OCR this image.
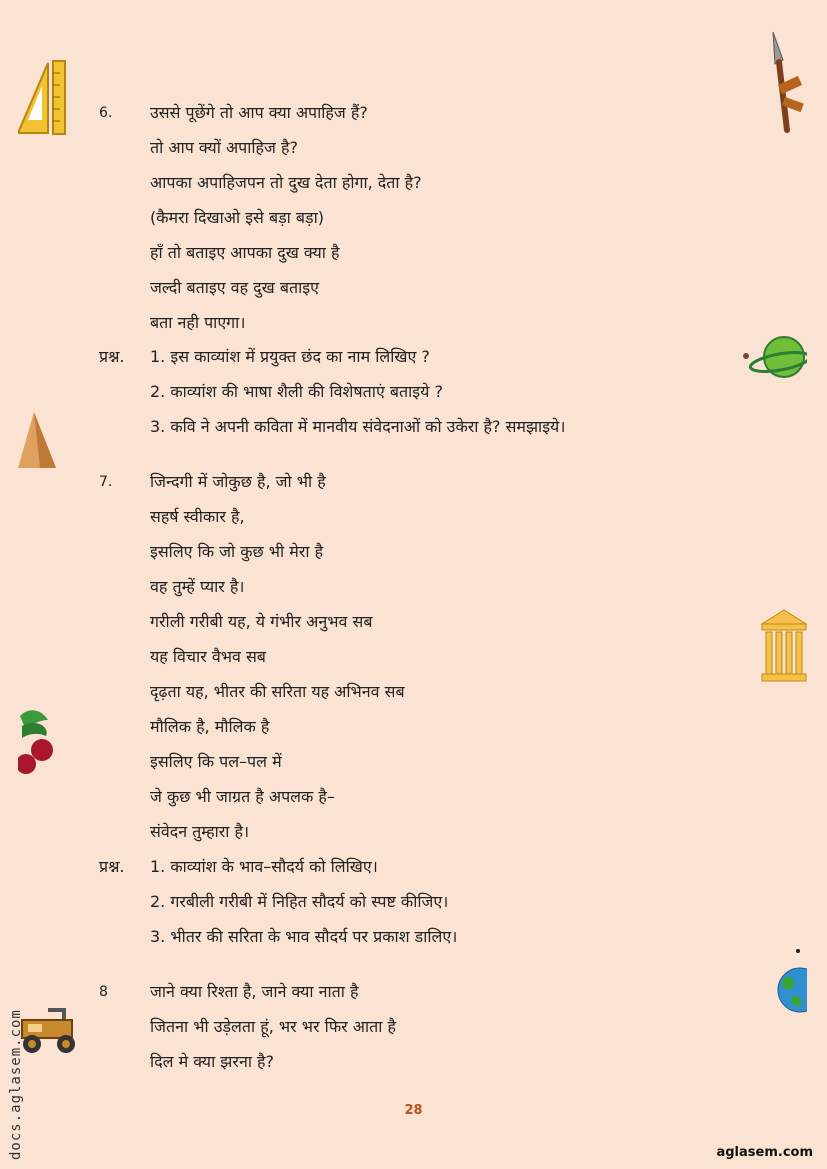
docs.aglasem.com
6. उससे पूछेंगे तो आप क्या अपाहिज हैं?
तो आप क्यों अपाहिज है?
आपका अपाहिजपन तो दुख देता होगा, देता है?
(कैमरा दिखाओ इसे बड़ा बड़ा)
हाँ तो बताइए आपका दुख क्या है
जल्दी बताइए वह दुख बताइए
बता नही पाएगा।
प्रश्न. 1. इस काव्यांश में प्रयुक्त छंद का नाम लिखिए ?
2. काव्यांश की भाषा शैली की विशेषताएं बताइये ?
3. कवि ने अपनी कविता में मानवीय संवेदनाओं को उकेरा है? समझाइये।
7. जिन्दगी में जोकुछ है, जो भी है
सहर्ष स्वीकार है,
इसलिए कि जो कुछ भी मेरा है
वह तुम्हें प्यार है।
गरीली गरीबी यह, ये गंभीर अनुभव सब
यह विचार वैभव सब
दृढ़ता यह, भीतर की सरिता यह अभिनव सब
मौलिक है, मौलिक है
इसलिए कि पल–पल में
जे कुछ भी जाग्रत है अपलक है–
संवेदन तुम्हारा है।
प्रश्न. 1. काव्यांश के भाव–सौदर्य को लिखिए।
2. गरबीली गरीबी में निहित सौदर्य को स्पष्ट कीजिए।
3. भीतर की सरिता के भाव सौदर्य पर प्रकाश डालिए।
8	जाने क्या रिश्ता है, जाने क्या नाता है
जितना भी उड़ेलता हूं, भर भर फिर आता है
दिल मे क्या झरना है?
28
aglasem.com
